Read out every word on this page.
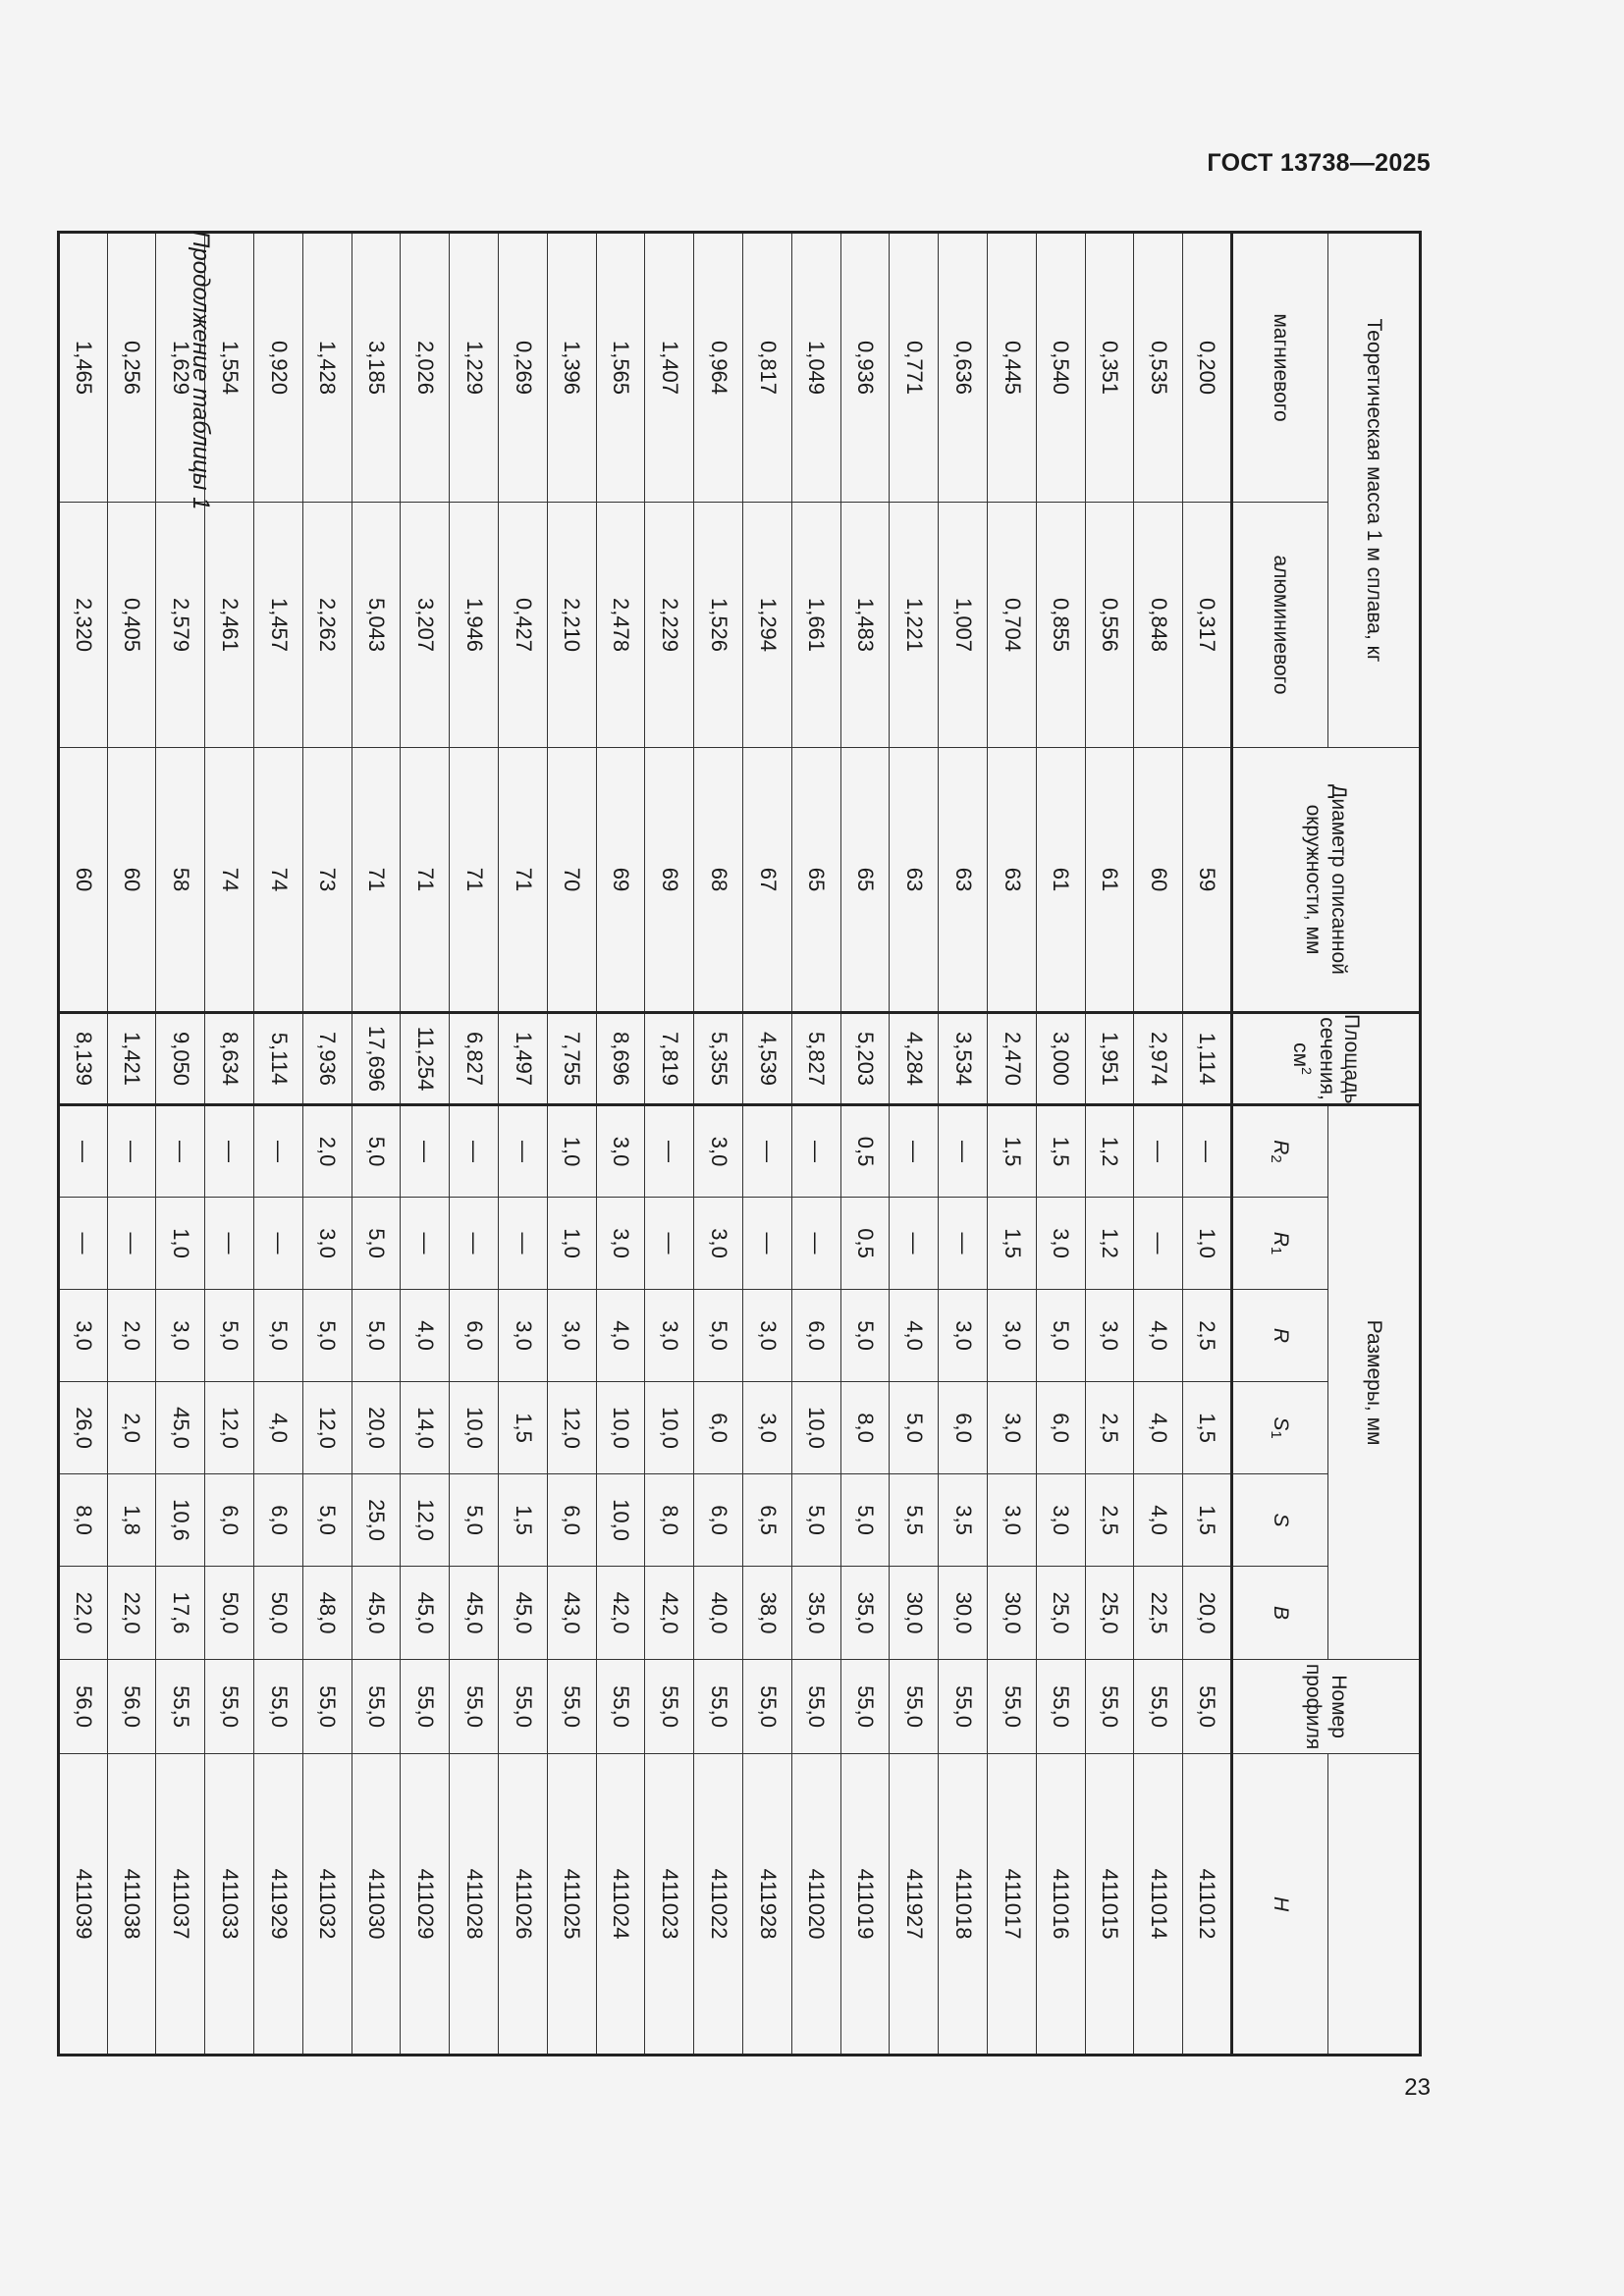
ГОСТ 13738—2025
23
Теоретическая масса 1 м сплава, кг		Диаметр описанной окружности, мм	Площадь сечения, $см^2$	Размеры, мм						Номер профиля	
магниевого	алюминиевого			$R_2$	$R_1$	R	$S_1$	S	B		H
0,200	0,317	59	1,114	—	1,0	2,5	1,5	1,5	20,0	55,0	411012
0,535	0,848	60	2,974	—	—	4,0	4,0	4,0	22,5	55,0	411014
0,351	0,556	61	1,951	1,2	1,2	3,0	2,5	2,5	25,0	55,0	411015
0,540	0,855	61	3,000	1,5	3,0	5,0	6,0	3,0	25,0	55,0	411016
0,445	0,704	63	2,470	1,5	1,5	3,0	3,0	3,0	30,0	55,0	411017
0,636	1,007	63	3,534	—	—	3,0	6,0	3,5	30,0	55,0	411018
0,771	1,221	63	4,284	—	—	4,0	5,0	5,5	30,0	55,0	411927
0,936	1,483	65	5,203	0,5	0,5	5,0	8,0	5,0	35,0	55,0	411019
1,049	1,661	65	5,827	—	—	6,0	10,0	5,0	35,0	55,0	411020
0,817	1,294	67	4,539	—	—	3,0	3,0	6,5	38,0	55,0	411928
0,964	1,526	68	5,355	3,0	3,0	5,0	6,0	6,0	40,0	55,0	411022
1,407	2,229	69	7,819	—	—	3,0	10,0	8,0	42,0	55,0	411023
1,565	2,478	69	8,696	3,0	3,0	4,0	10,0	10,0	42,0	55,0	411024
1,396	2,210	70	7,755	1,0	1,0	3,0	12,0	6,0	43,0	55,0	411025
0,269	0,427	71	1,497	—	—	3,0	1,5	1,5	45,0	55,0	411026
1,229	1,946	71	6,827	—	—	6,0	10,0	5,0	45,0	55,0	411028
2,026	3,207	71	11,254	—	—	4,0	14,0	12,0	45,0	55,0	411029
3,185	5,043	71	17,696	5,0	5,0	5,0	20,0	25,0	45,0	55,0	411030
1,428	2,262	73	7,936	2,0	3,0	5,0	12,0	5,0	48,0	55,0	411032
0,920	1,457	74	5,114	—	—	5,0	4,0	6,0	50,0	55,0	411929
1,554	2,461	74	8,634	—	—	5,0	12,0	6,0	50,0	55,0	411033
1,629	2,579	58	9,050	—	1,0	3,0	45,0	10,6	17,6	55,5	411037
0,256	0,405	60	1,421	—	—	2,0	2,0	1,8	22,0	56,0	411038
1,465	2,320	60	8,139	—	—	3,0	26,0	8,0	22,0	56,0	411039
Продолжение таблицы 1
